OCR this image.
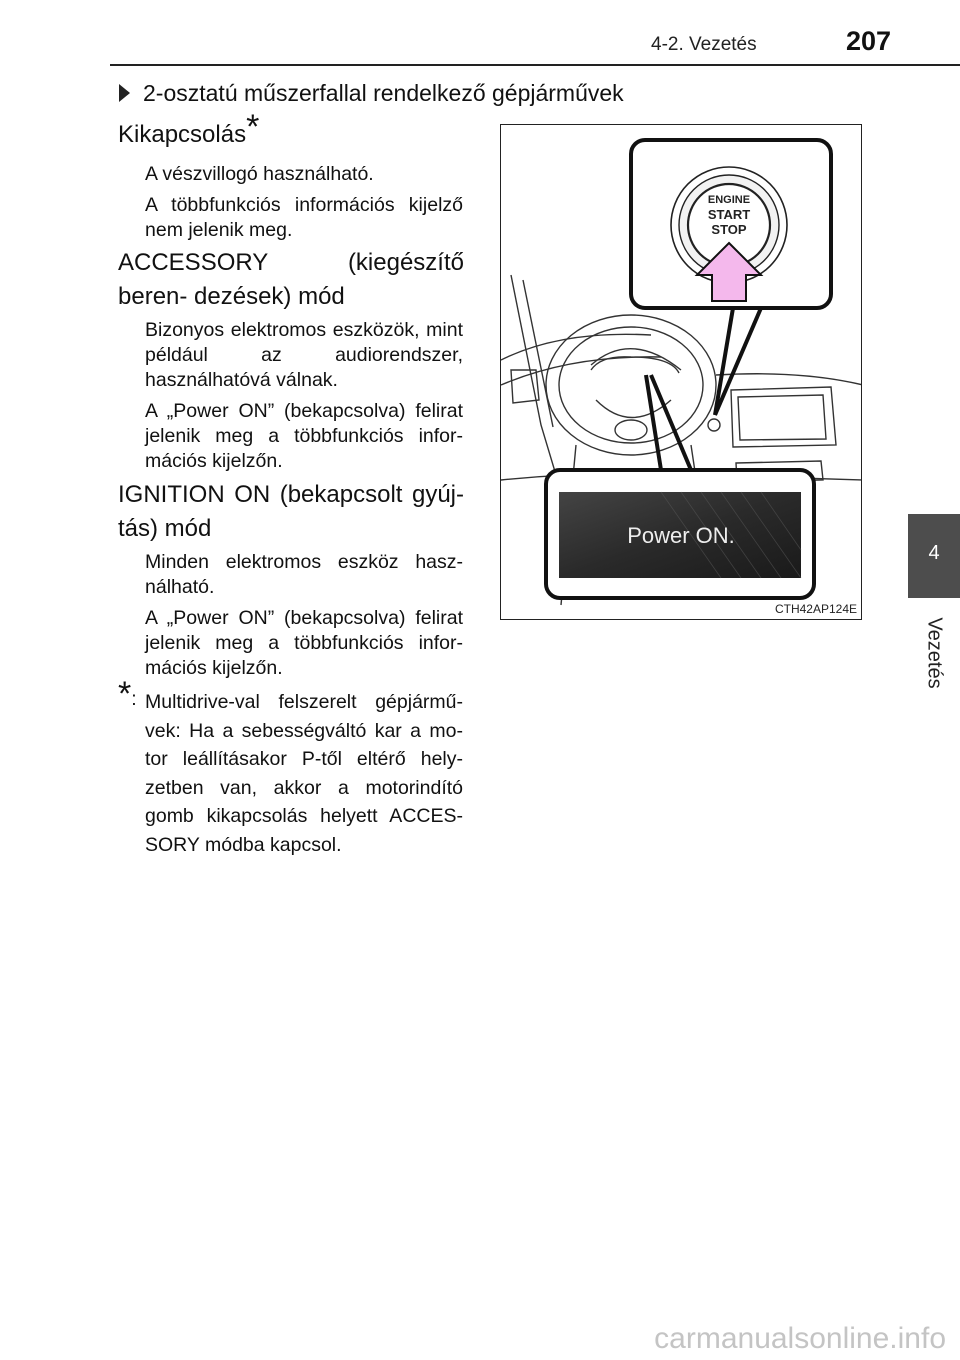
4-2. Vezetés	207
4
Vezetés
2-osztatú műszerfallal rendelkező gépjárművek
Kikapcsolás*
A vészvillogó használható.
A többfunkciós információs kijelző nem jelenik meg.
ACCESSORY (kiegészítő beren- dezések) mód
Bizonyos elektromos eszközök, mint például az audiorendszer, használhatóvá válnak.
A „Power ON” (bekapcsolva) felirat jelenik meg a többfunkciós infor- mációs kijelzőn.
IGNITION ON (bekapcsolt gyúj- tás) mód
Minden elektromos eszköz hasz- nálható.
A „Power ON” (bekapcsolva) felirat jelenik meg a többfunkciós infor- mációs kijelzőn.
*: Multidrive-val felszerelt gépjármű- vek: Ha a sebességváltó kar a mo- tor leállításakor P-től eltérő hely- zetben van, akkor a motorindító gomb kikapcsolás helyett ACCES- SORY módba kapcsol.
ENGINE
START
STOP
Power ON.
CTH42AP124E
carmanualsonline.info
